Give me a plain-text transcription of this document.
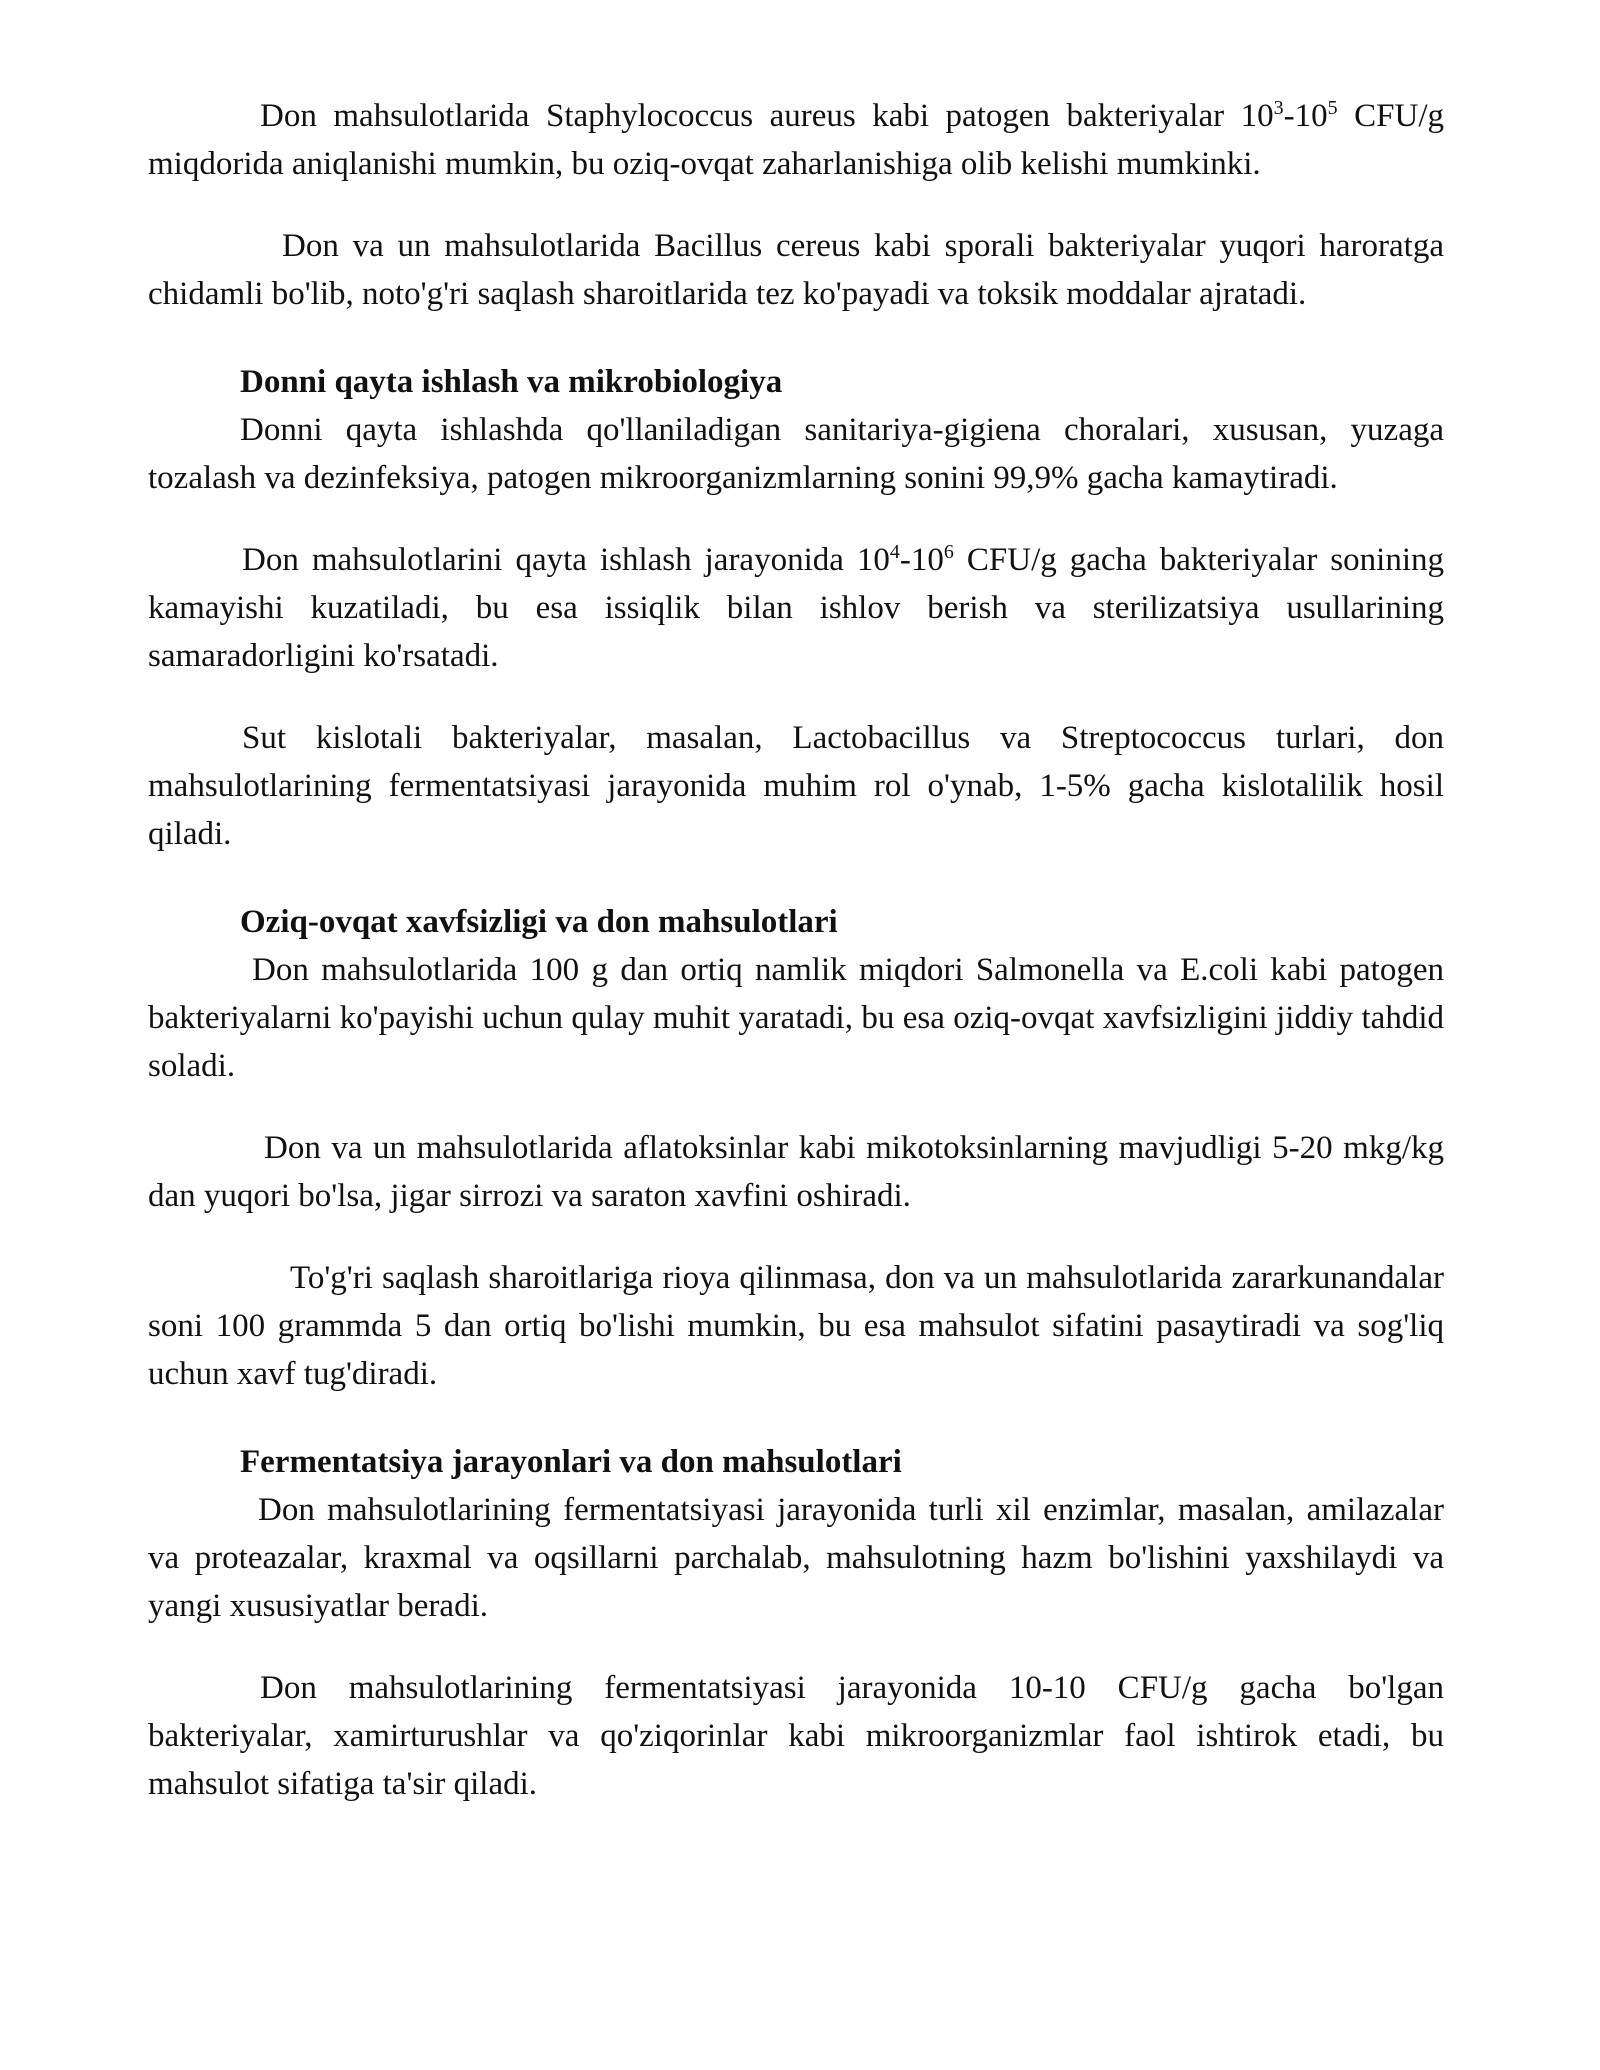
Don mahsulotlarida Staphylococcus aureus kabi patogen bakteriyalar $10^3-10^5$ CFU/g miqdorida aniqlanishi mumkin, bu oziq-ovqat zaharlanishiga olib kelishi mumkinki.

Don va un mahsulotlarida Bacillus cereus kabi sporali bakteriyalar yuqori haroratga chidamli bo'lib, noto'g'ri saqlash sharoitlarida tez ko'payadi va toksik moddalar ajratadi.

Donni qayta ishlash va mikrobiologiya

Donni qayta ishlashda qo'llaniladigan sanitariya-gigiena choralari, xususan, yuzaga tozalash va dezinfeksiya, patogen mikroorganizmlarning sonini 99,9% gacha kamaytiradi.

Don mahsulotlarini qayta ishlash jarayonida $10^4-10^6$ CFU/g gacha bakteriyalar sonining kamayishi kuzatiladi, bu esa issiqlik bilan ishlov berish va sterilizatsiya usullarining samaradorligini ko'rsatadi.

Sut kislotali bakteriyalar, masalan, Lactobacillus va Streptococcus turlari, don mahsulotlarining fermentatsiyasi jarayonida muhim rol o'ynab, 1-5% gacha kislotalilik hosil qiladi.

Oziq-ovqat xavfsizligi va don mahsulotlari

Don mahsulotlarida 100 g dan ortiq namlik miqdori Salmonella va E.coli kabi patogen bakteriyalarni ko'payishi uchun qulay muhit yaratadi, bu esa oziq-ovqat xavfsizligini jiddiy tahdid soladi.

Don va un mahsulotlarida aflatoksinlar kabi mikotoksinlarning mavjudligi 5-20 mkg/kg dan yuqori bo'lsa, jigar sirrozi va saraton xavfini oshiradi.

To'g'ri saqlash sharoitlariga rioya qilinmasa, don va un mahsulotlarida zararkunandalar soni 100 grammda 5 dan ortiq bo'lishi mumkin, bu esa mahsulot sifatini pasaytiradi va sog'liq uchun xavf tug'diradi.

Fermentatsiya jarayonlari va don mahsulotlari

Don mahsulotlarining fermentatsiyasi jarayonida turli xil enzimlar, masalan, amilazalar va proteazalar, kraxmal va oqsillarni parchalab, mahsulotning hazm bo'lishini yaxshilaydi va yangi xususiyatlar beradi.

Don mahsulotlarining fermentatsiyasi jarayonida 10-10 CFU/g gacha bo'lgan bakteriyalar, xamirturushlar va qo'ziqorinlar kabi mikroorganizmlar faol ishtirok etadi, bu mahsulot sifatiga ta'sir qiladi.
